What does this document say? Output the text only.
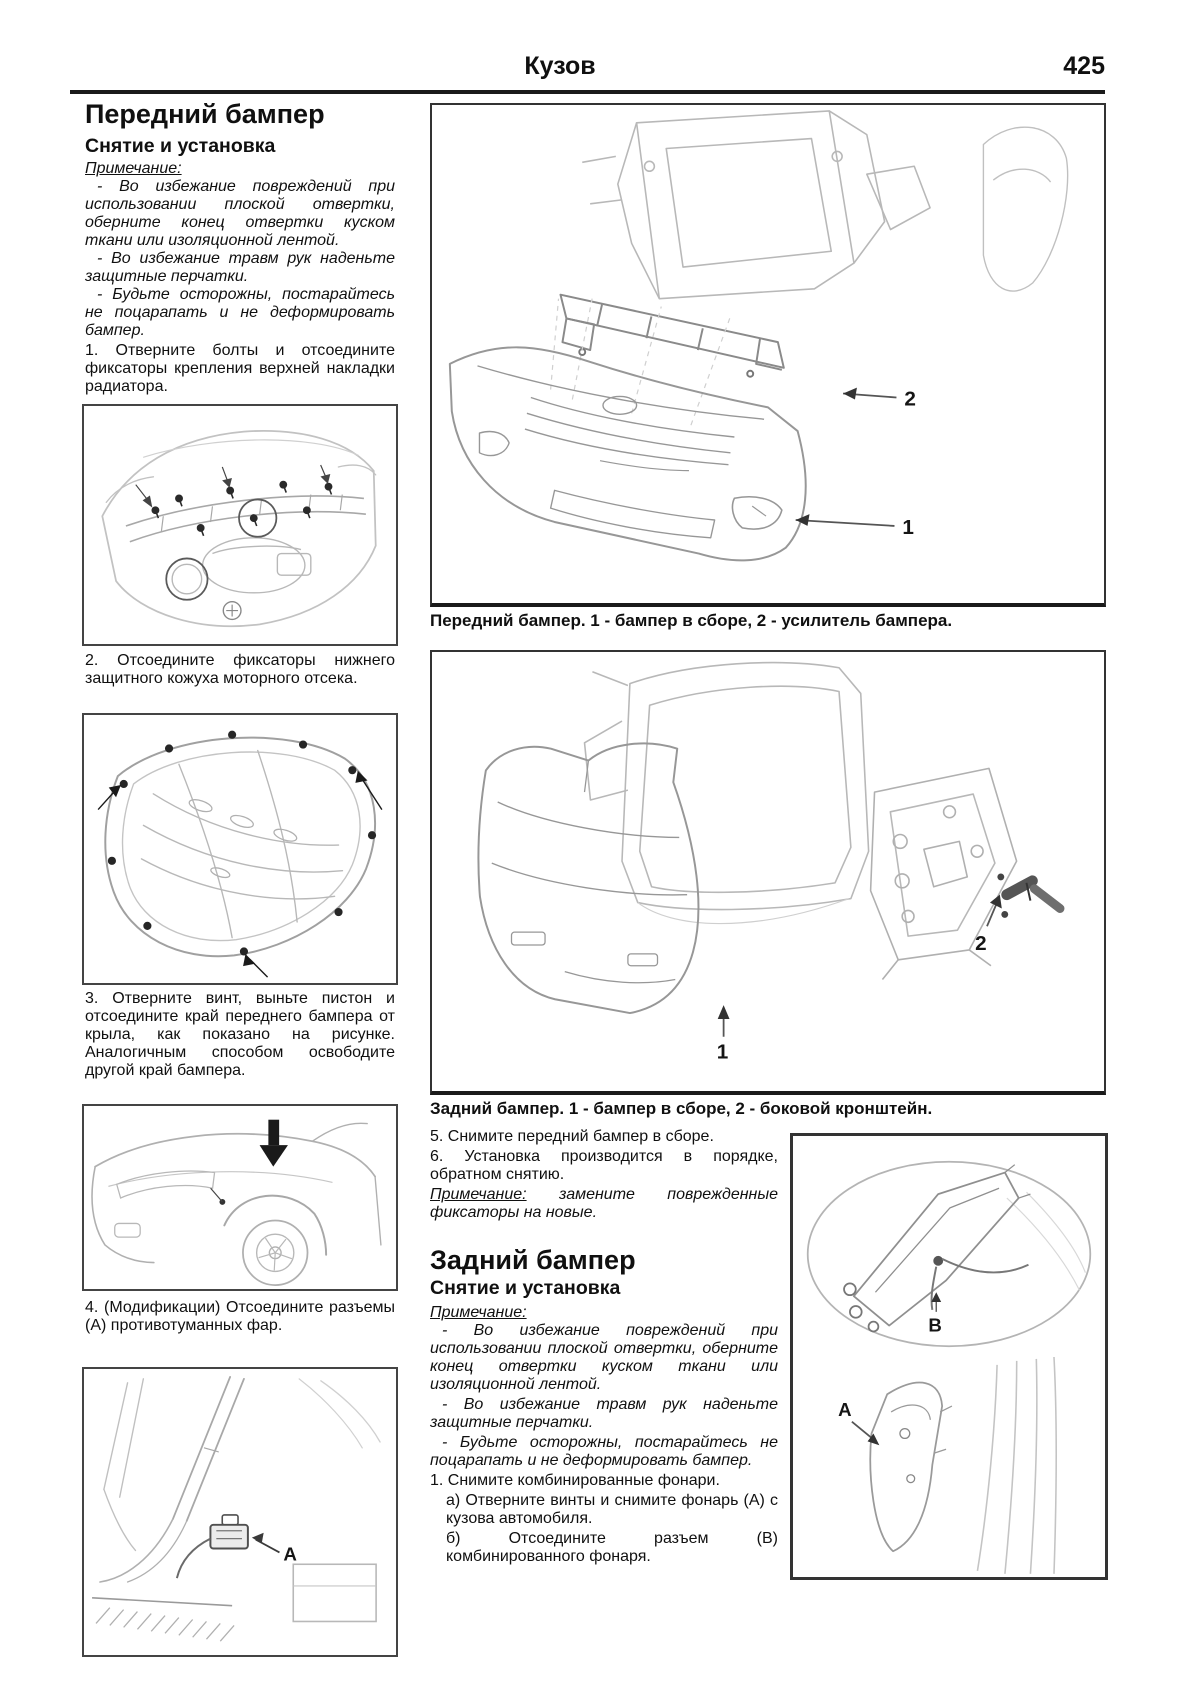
Кузов	425
Передний бампер
Снятие и установка
Примечание:

- Во избежание повреждений при использовании плоской отвертки, оберните конец отвертки куском ткани или изоляционной лентой.

- Во избежание травм рук наденьте защитные перчатки.

- Будьте осторожны, постарайтесь не поцарапать и не деформировать бампер.

1. Отверните болты и отсоедините фиксаторы крепления верхней накладки радиатора.

2. Отсоедините фиксаторы нижнего защитного кожуха моторного отсека.

3. Отверните винт, выньте пистон и отсоедините край переднего бампера от крыла, как показано на рисунке. Аналогичным способом освободите другой край бампера.

4. (Модификации) Отсоедините разъемы (А) противотуманных фар.

A
2
1
Передний бампер. 1 - бампер в сборе, 2 - усилитель бампера.
2
1
Задний бампер. 1 - бампер в сборе, 2 - боковой кронштейн.

5. Снимите передний бампер в сборе.

6. Установка производится в порядке, обратном снятию.

Примечание: замените поврежденные фиксаторы на новые.

Задний бампер
Снятие и установка
Примечание:

- Во избежание повреждений при использовании плоской отвертки, оберните конец отвертки куском ткани или изоляционной лентой.

- Во избежание травм рук наденьте защитные перчатки.

- Будьте осторожны, постарайтесь не поцарапать и не деформировать бампер.

1. Снимите комбинированные фонари.

а) Отверните винты и снимите фонарь (А) с кузова автомобиля.

б) Отсоедините разъем (В) комбинированного фонаря.

B
A
